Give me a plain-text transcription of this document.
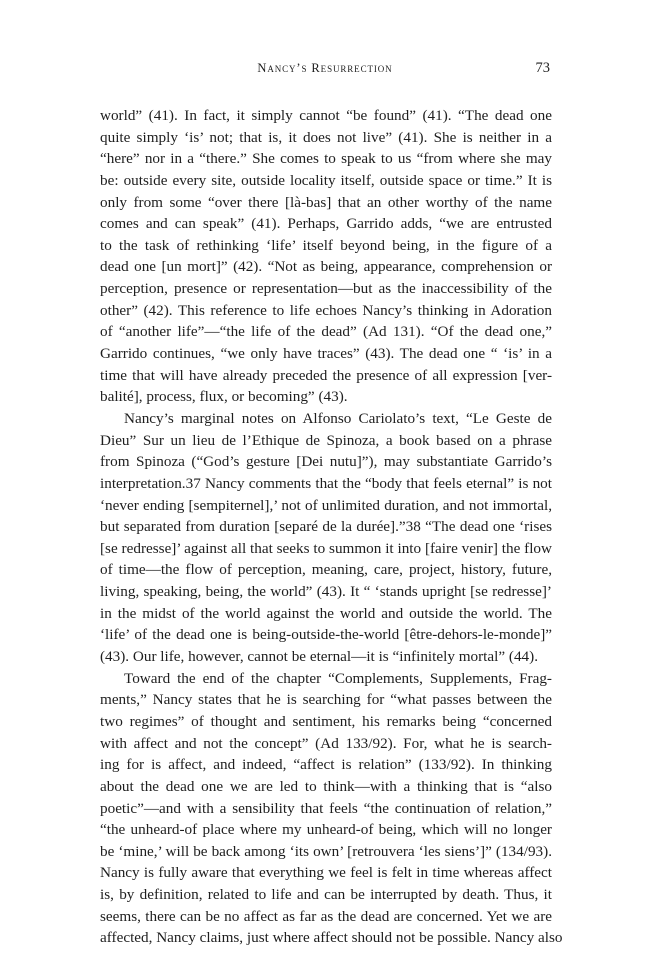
Nancy’s Resurrection	73
world” (41). In fact, it simply cannot “be found” (41). “The dead one
quite simply ‘is’ not; that is, it does not live” (41). She is neither in a
“here” nor in a “there.” She comes to speak to us “from where she may
be: outside every site, outside locality itself, outside space or time.” It is
only from some “over there [là-bas] that an other worthy of the name
comes and can speak” (41). Perhaps, Garrido adds, “we are entrusted
to the task of rethinking ‘life’ itself beyond being, in the figure of a
dead one [un mort]” (42). “Not as being, appearance, comprehension or
perception, presence or representation—but as the inaccessibility of the
other” (42). This reference to life echoes Nancy’s thinking in Adoration
of “another life”—“the life of the dead” (Ad 131). “Of the dead one,”
Garrido continues, “we only have traces” (43). The dead one “ ‘is’ in a
time that will have already preceded the presence of all expression [ver-
balité], process, flux, or becoming” (43).
Nancy’s marginal notes on Alfonso Cariolato’s text, “Le Geste de
Dieu” Sur un lieu de l’Ethique de Spinoza, a book based on a phrase
from Spinoza (“God’s gesture [Dei nutu]”), may substantiate Garrido’s
interpretation.37 Nancy comments that the “body that feels eternal” is not
‘never ending [sempiternel],’ not of unlimited duration, and not immortal,
but separated from duration [separé de la durée].”38 “The dead one ‘rises
[se redresse]’ against all that seeks to summon it into [faire venir] the flow
of time—the flow of perception, meaning, care, project, history, future,
living, speaking, being, the world” (43). It “ ‘stands upright [se redresse]’
in the midst of the world against the world and outside the world. The
‘life’ of the dead one is being-outside-the-world [être-dehors-le-monde]”
(43). Our life, however, cannot be eternal—it is “infinitely mortal” (44).
Toward the end of the chapter “Complements, Supplements, Frag-
ments,” Nancy states that he is searching for “what passes between the
two regimes” of thought and sentiment, his remarks being “concerned
with affect and not the concept” (Ad 133/92). For, what he is search-
ing for is affect, and indeed, “affect is relation” (133/92). In thinking
about the dead one we are led to think—with a thinking that is “also
poetic”—and with a sensibility that feels “the continuation of relation,”
“the unheard-of place where my unheard-of being, which will no longer
be ‘mine,’ will be back among ‘its own’ [retrouvera ‘les siens’]” (134/93).
Nancy is fully aware that everything we feel is felt in time whereas affect
is, by definition, related to life and can be interrupted by death. Thus, it
seems, there can be no affect as far as the dead are concerned. Yet we are
affected, Nancy claims, just where affect should not be possible. Nancy also
